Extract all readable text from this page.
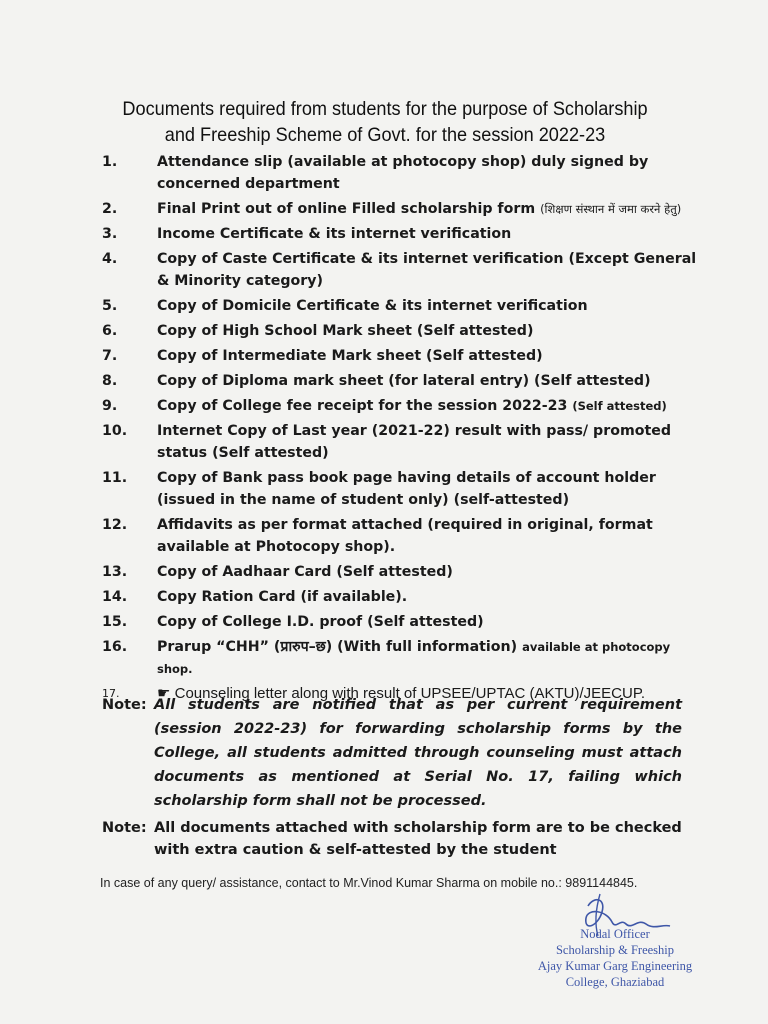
Documents required from students for the purpose of Scholarship
and Freeship Scheme of Govt. for the session 2022-23
1.	Attendance slip (available at photocopy shop) duly signed by concerned department
2.	Final Print out of online Filled scholarship form (शिक्षण संस्थान में जमा करने हेतु)
3.	Income Certificate & its internet verification
4.	Copy of Caste Certificate & its internet verification (Except General & Minority category)
5.	Copy of Domicile Certificate & its internet verification
6.	Copy of High School Mark sheet (Self attested)
7.	Copy of Intermediate Mark sheet (Self attested)
8.	Copy of Diploma mark sheet (for lateral entry) (Self attested)
9.	Copy of College fee receipt for the session 2022-23 (Self attested)
10.	Internet Copy of Last year (2021-22) result with pass/ promoted status (Self attested)
11.	Copy of Bank pass book page having details of account holder (issued in the name of student only) (self-attested)
12.	Affidavits as per format attached (required in original, format available at Photocopy shop).
13.	Copy of Aadhaar Card (Self attested)
14.	Copy Ration Card (if available).
15.	Copy of College I.D. proof (Self attested)
16.	Prarup “CHH” (प्रारुप–छ) (With full information) available at photocopy shop.
17.	☛ Counseling letter along with result of UPSEE/UPTAC (AKTU)/JEECUP.
Note: All students are notified that as per current requirement (session 2022-23) for forwarding scholarship forms by the College, all students admitted through counseling must attach documents as mentioned at Serial No. 17, failing which scholarship form shall not be processed.
Note: All documents attached with scholarship form are to be checked with extra caution & self-attested by the student
In case of any query/ assistance, contact to Mr.Vinod Kumar Sharma on mobile no.: 9891144845.
Nodal Officer
Scholarship & Freeship
Ajay Kumar Garg Engineering
College, Ghaziabad
